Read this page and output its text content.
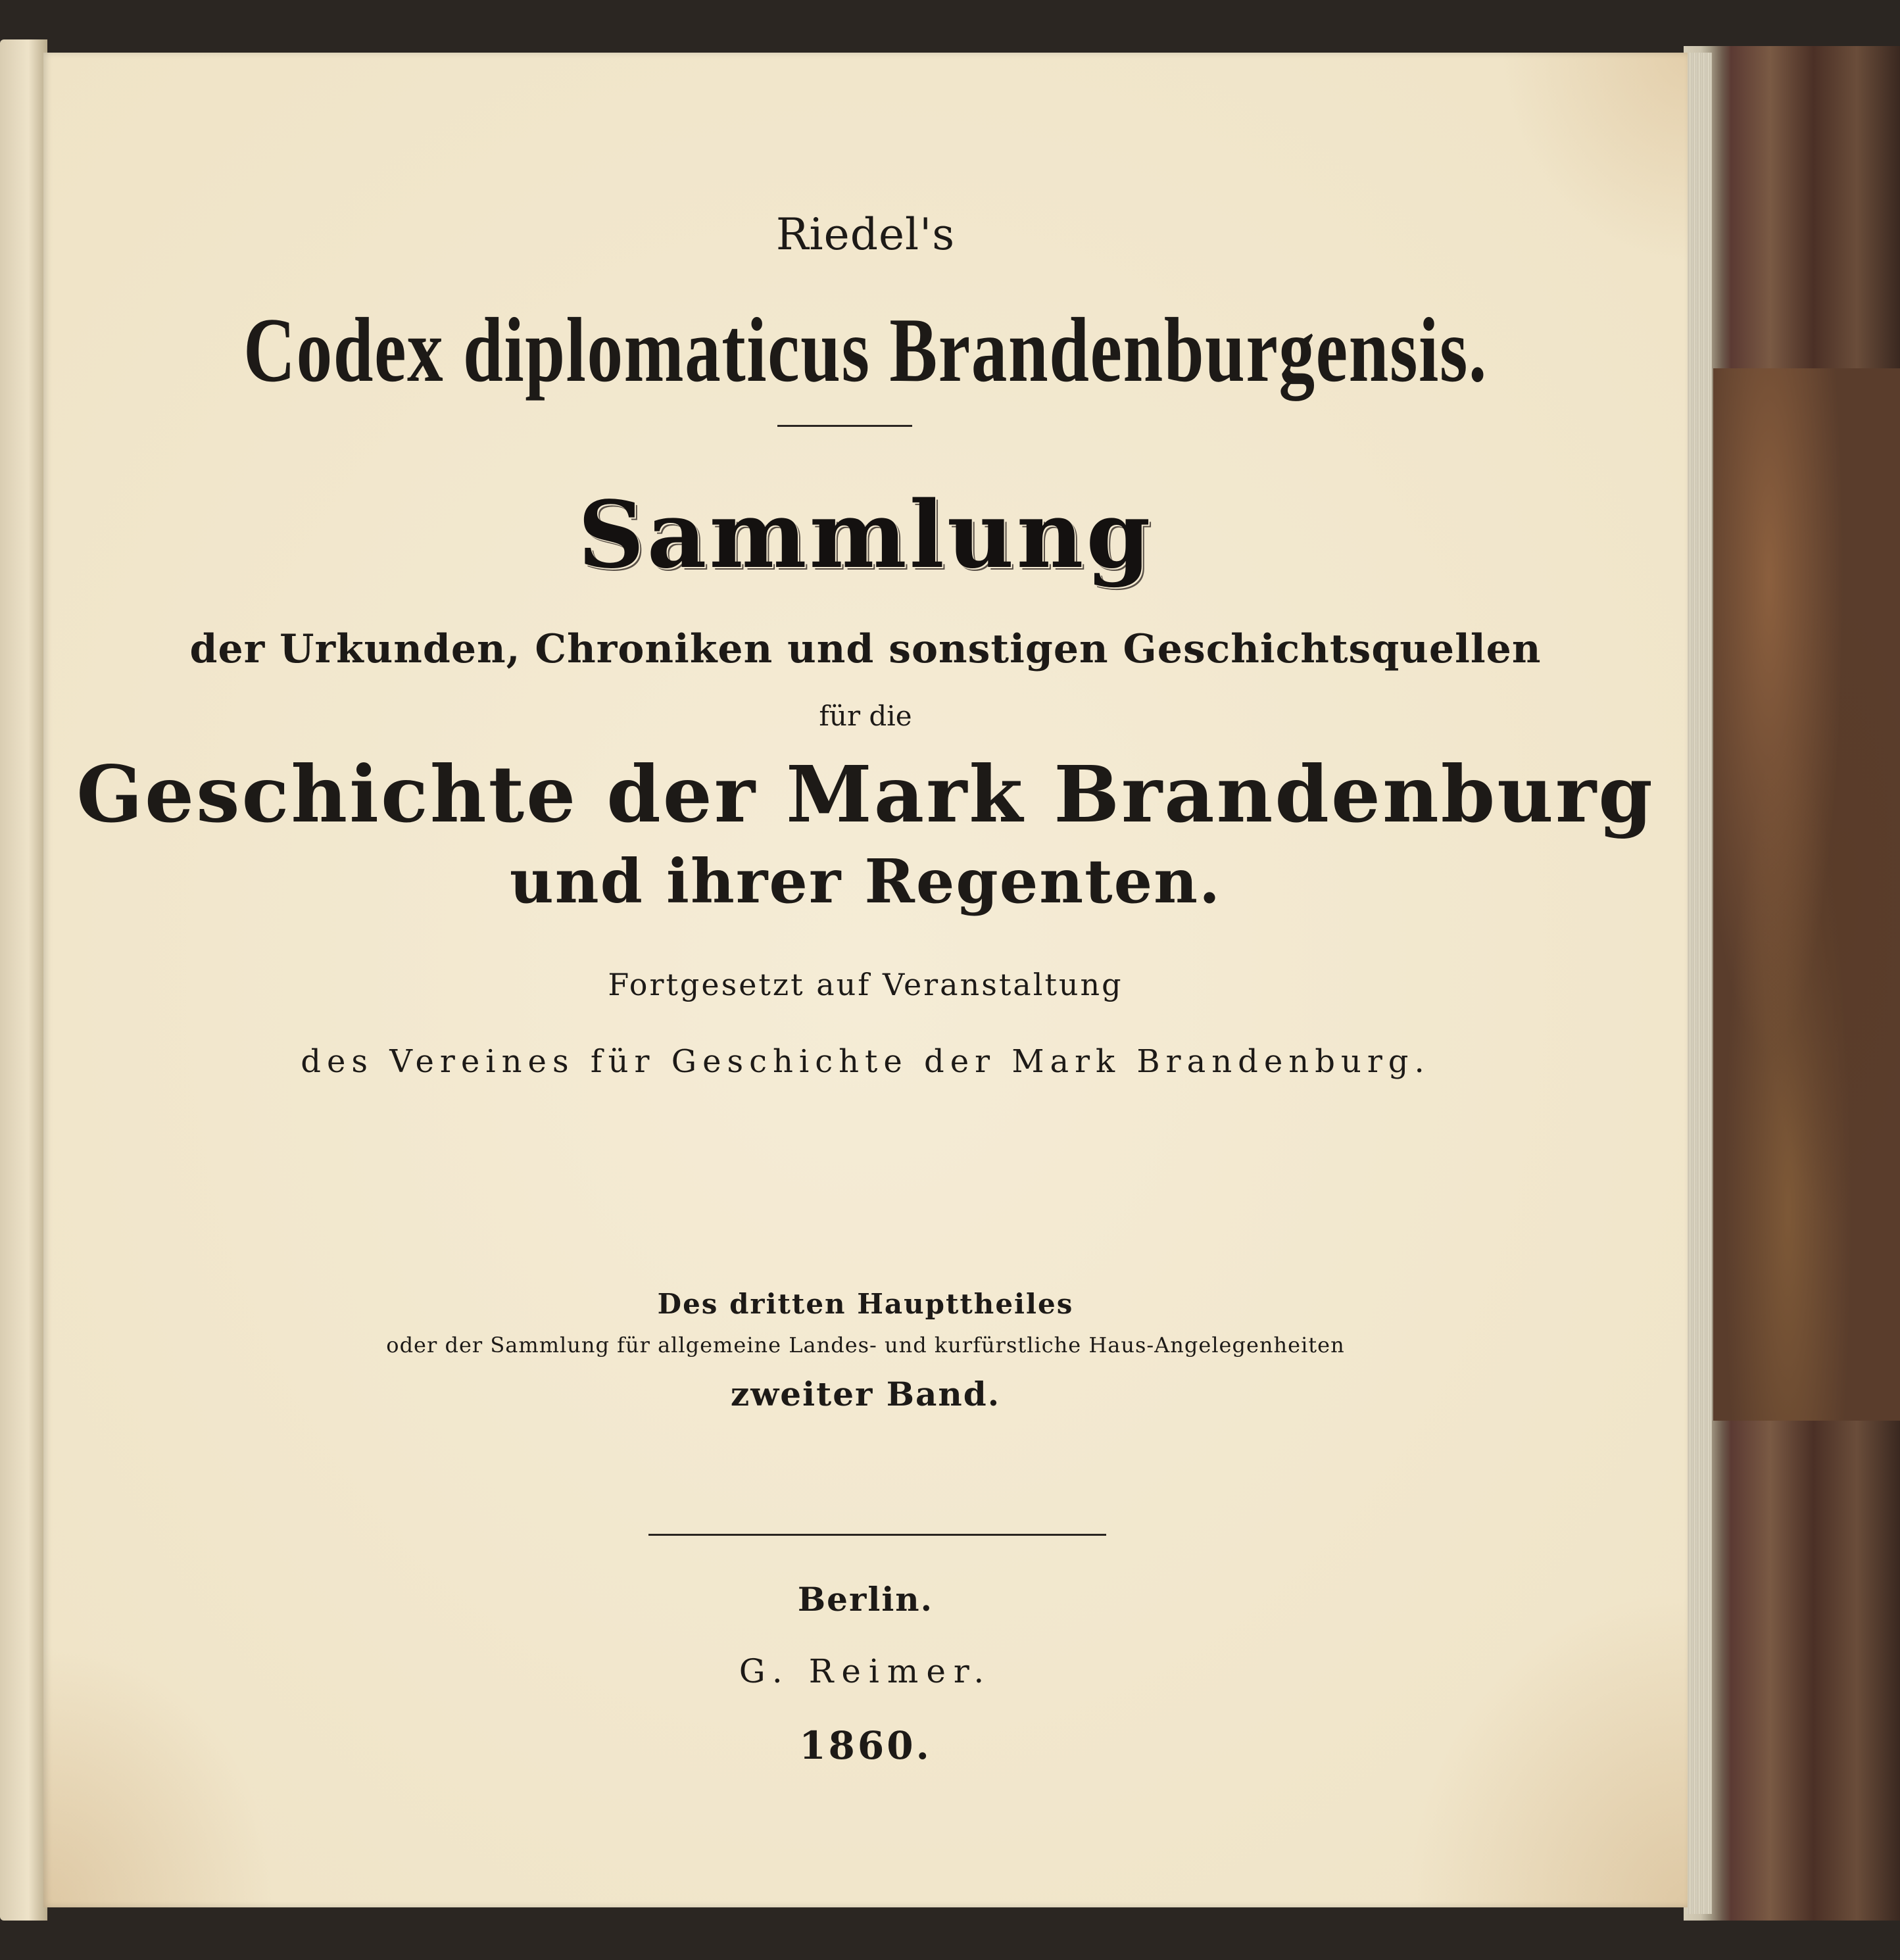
Riedel's
Codex diplomaticus Brandenburgensis.
Sammlung
der Urkunden, Chroniken und sonstigen Geschichtsquellen
für die
Geschichte der Mark Brandenburg
und ihrer Regenten.
Fortgesetzt auf Veranstaltung
des Vereines für Geschichte der Mark Brandenburg.
Des dritten Haupttheiles
oder der Sammlung für allgemeine Landes- und kurfürstliche Haus-Angelegenheiten
zweiter Band.
Berlin.
G. Reimer.
1860.
